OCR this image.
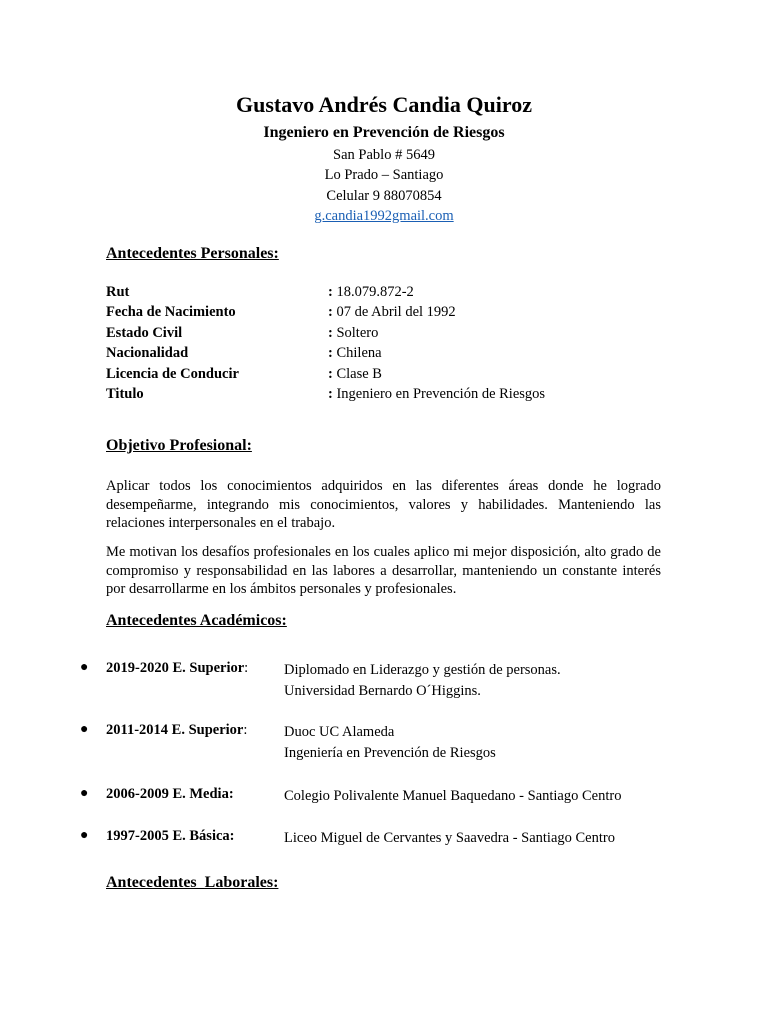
Gustavo Andrés Candia Quiroz
Ingeniero en Prevención de Riesgos
San Pablo # 5649
Lo Prado – Santiago
Celular 9 88070854
g.candia1992gmail.com
Antecedentes Personales:
Rut	: 18.079.872-2
Fecha de Nacimiento	: 07 de Abril del 1992
Estado Civil	: Soltero
Nacionalidad	: Chilena
Licencia de Conducir	: Clase B
Titulo	: Ingeniero en Prevención de Riesgos
Objetivo Profesional:
Aplicar todos los conocimientos adquiridos en las diferentes áreas donde he logrado desempeñarme, integrando mis conocimientos, valores y habilidades. Manteniendo las relaciones interpersonales en el trabajo.
Me motivan los desafíos profesionales en los cuales aplico mi mejor disposición, alto grado de compromiso y responsabilidad en las labores a desarrollar, manteniendo un constante interés por desarrollarme en los ámbitos personales y profesionales.
Antecedentes Académicos:
● 2019-2020 E. Superior: Diplomado en Liderazgo y gestión de personas.
Universidad Bernardo O´Higgins.
● 2011-2014 E. Superior:	Duoc UC Alameda
Ingeniería en Prevención de Riesgos
● 2006-2009 E. Media:	Colegio Polivalente Manuel Baquedano - Santiago Centro
● 1997-2005 E. Básica:	Liceo Miguel de Cervantes y Saavedra - Santiago Centro
Antecedentes  Laborales:
